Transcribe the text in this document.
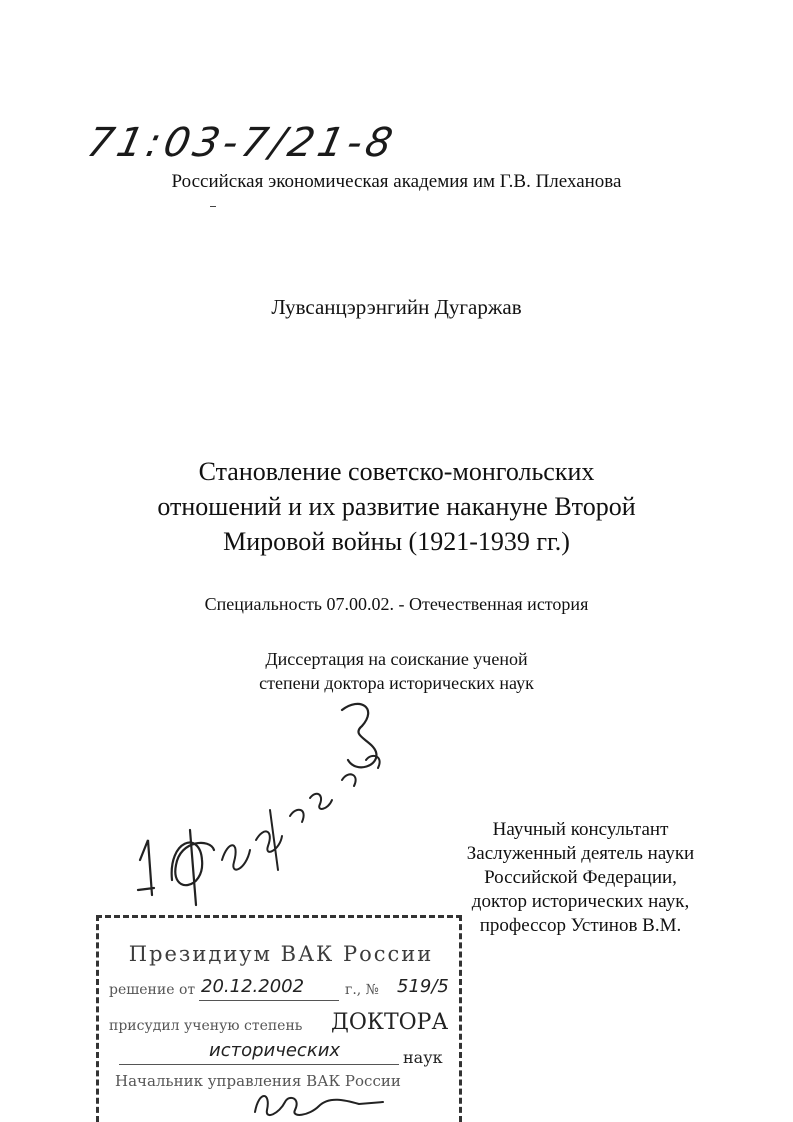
71:03-7/21-8
Российская экономическая академия им Г.В. Плеханова
Лувсанцэрэнгийн Дугаржав
Становление советско-монгольских
отношений и их развитие накануне Второй
Мировой войны (1921-1939 гг.)
Специальность 07.00.02. - Отечественная история
Диссертация на соискание ученой
степени доктора исторических наук
Научный консультант
Заслуженный деятель науки
Российской Федерации,
доктор исторических наук,
профессор Устинов В.М.
Президиум ВАК России
решение от 20.12.2002	г., № 519/5
присудил ученую степень ДОКТОРА
исторических	наук
Начальник управления ВАК России
